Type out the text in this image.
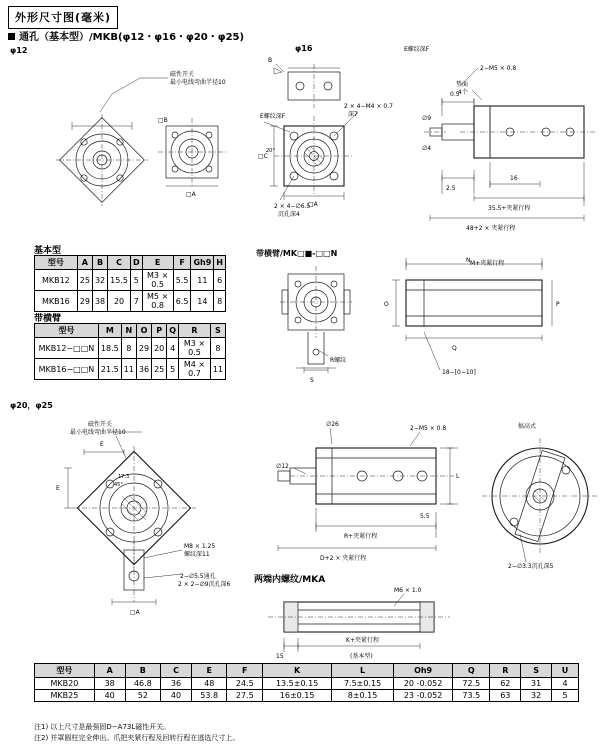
外形尺寸图(毫米)
通孔（基本型）/MKB(φ12・φ16・φ20・φ25)
φ12	φ16
磁性开关
最小电线弯曲半径10
□A
□B
B
□A
□C
2 × 4−M4 × 0.7
深7
2 × 4−∅6.5
沉孔深4
E螺纹深F
20°
E螺纹深F
2−M5 × 0.8
垫面
4个
0.5
∅9
∅4
2.5
16
35.5+夹紧行程
48+2 × 夹紧行程
基本型
型号	A	B	C	D	E	F	Gh9	H
MKB12	25	32	15.5	5	M3 × 0.5	5.5	11	6
MKB16	29	38	20	7	M5 × 0.8	6.5	14	8
带横臂
型号	M	N	O	P	Q	R	S
MKB12−□□N	18.5	8	29	20	4	M3 × 0.5	8
MKB16−□□N	21.5	11	36	25	5	M4 × 0.7	11
带横臂/MK□■-□□N
M+夹紧行程
S
R螺纹
N
O	P
Q
18−[0−10]
φ20，φ25
磁性开关
最小电线弯曲半径10
E
E
17.3
45°
M8 × 1.25
螺纹深11
2−∅5.5通孔
2 × 2−∅9沉孔深6
□A
∅26
2−M5 × 0.8
∅12
L
5.5
R+夹紧行程
D+2 × 夹紧行程
搞高式
2−∅3.3沉孔深5
两端内螺纹/MKA
M6 × 1.0
15
K+夹紧行程
(基本型)
型号	A	B	C	E	F	K	L	Oh9	Q	R	S	U
MKB20	38	46.8	36	48	24.5	13.5±0.15	7.5±0.15	20 -0.052	72.5	62	31	4
MKB25	40	52	40	53.8	27.5	16±0.15	8±0.15	23 -0.052	73.5	63	32	5
注1) 以上尺寸是最强固D−A73L磁性开关。
注2) 并罩圆柱完全伸出。爪把夹紧行程及回转行程在逃选尺寸上。
